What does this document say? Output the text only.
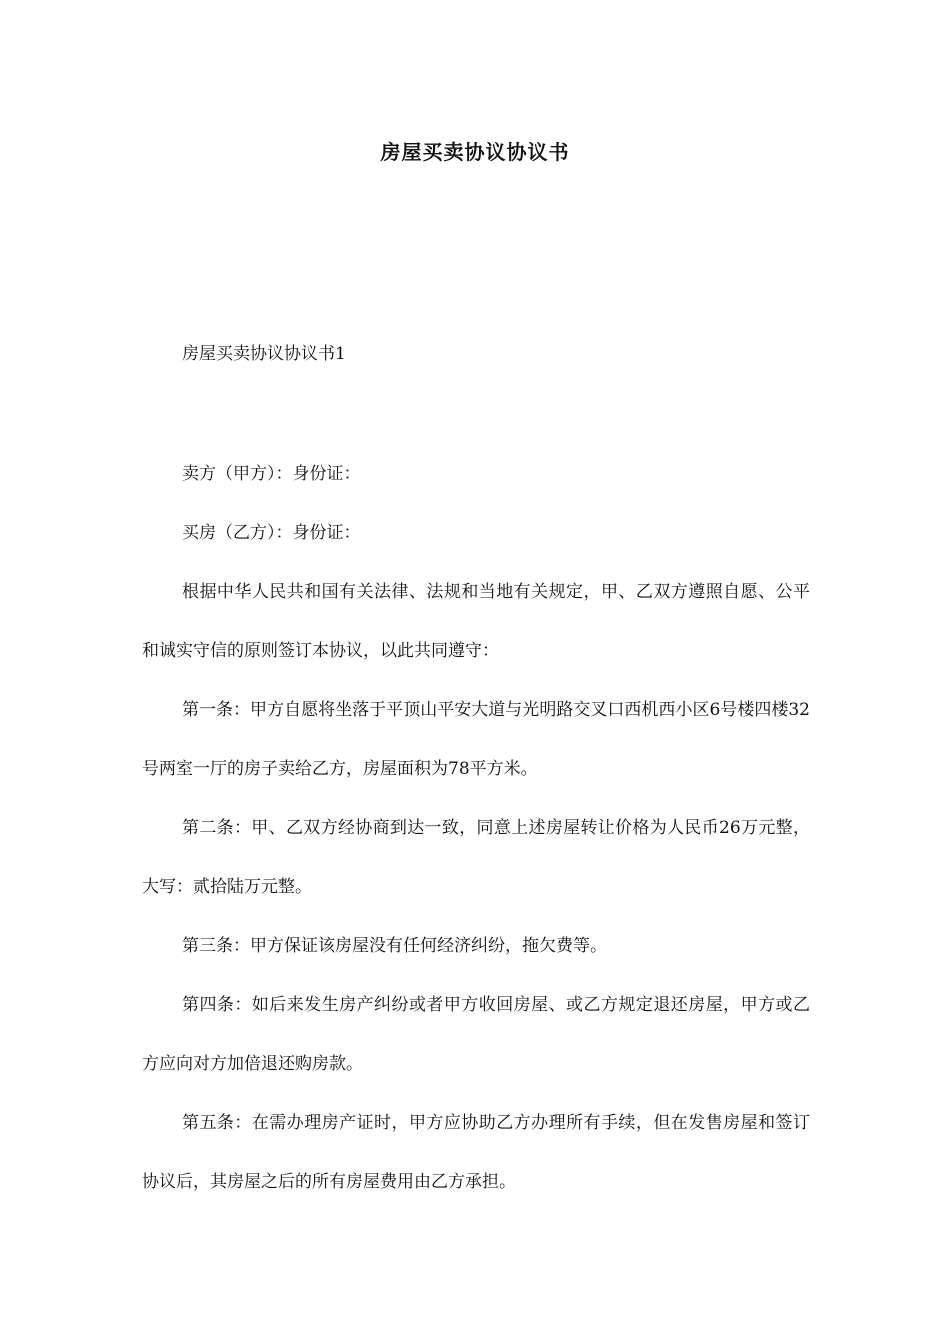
房屋买卖协议协议书
房屋买卖协议协议书1
卖方（甲方）：身份证：
买房（乙方）：身份证：
根据中华人民共和国有关法律、法规和当地有关规定，甲、乙双方遵照自愿、公平和诚实守信的原则签订本协议，以此共同遵守：
第一条：甲方自愿将坐落于平顶山平安大道与光明路交叉口西机西小区6号楼四楼32号两室一厅的房子卖给乙方，房屋面积为78平方米。
第二条：甲、乙双方经协商到达一致，同意上述房屋转让价格为人民币26万元整，大写：贰拾陆万元整。
第三条：甲方保证该房屋没有任何经济纠纷，拖欠费等。
第四条：如后来发生房产纠纷或者甲方收回房屋、或乙方规定退还房屋，甲方或乙方应向对方加倍退还购房款。
第五条：在需办理房产证时，甲方应协助乙方办理所有手续，但在发售房屋和签订协议后，其房屋之后的所有房屋费用由乙方承担。
